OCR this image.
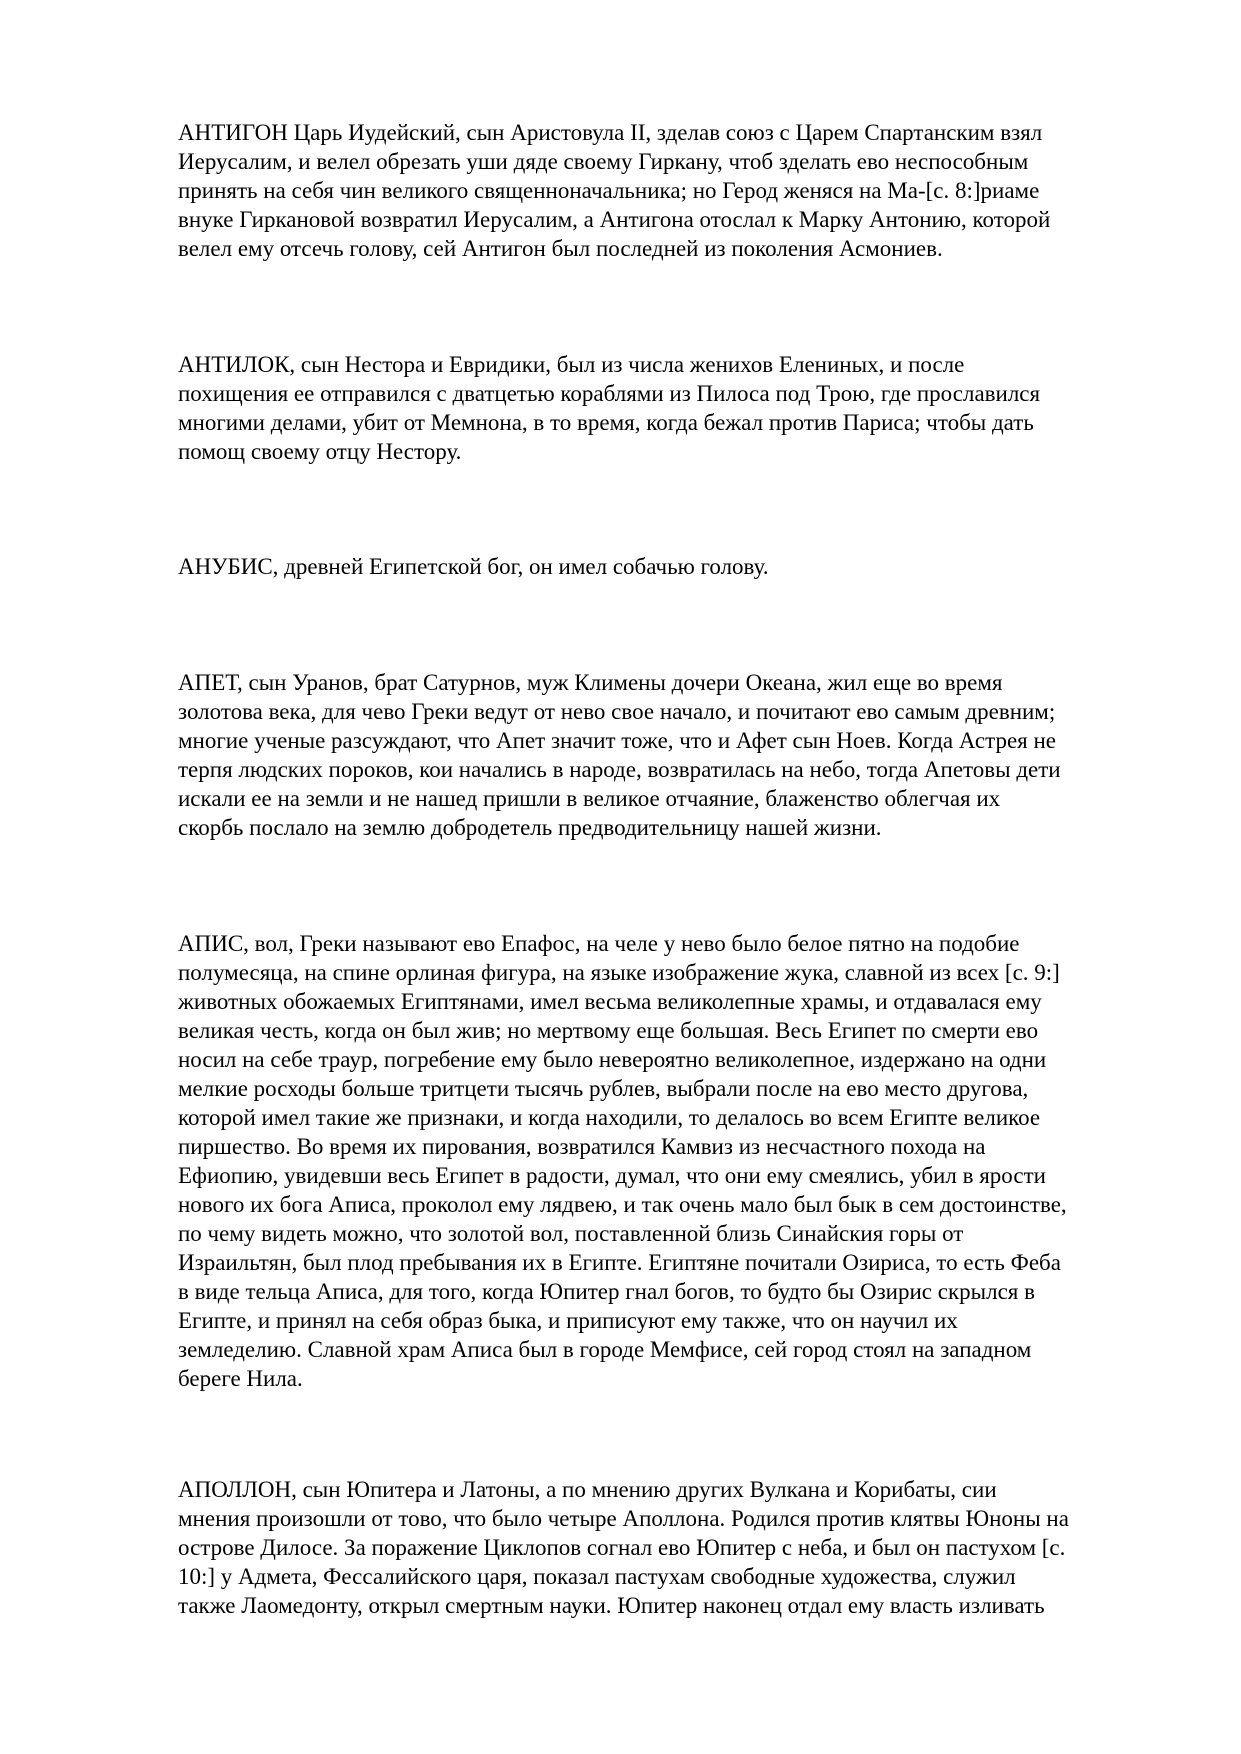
АНТИГОН Царь Иудейский, сын Аристовула II, зделав союз с Царем Спартанским взял
Иерусалим, и велел обрезать уши дяде своему Гиркану, чтоб зделать ево неспособным
принять на себя чин великого священноначальника; но Герод женяся на Ма-[с. 8:]риаме
внуке Гиркановой возвратил Иерусалим, а Антигона отослал к Марку Антонию, которой
велел ему отсечь голову, сей Антигон был последней из поколения Асмониев.

АНТИЛОК, сын Нестора и Евридики, был из числа женихов Елениных, и после
похищения ее отправился с дватцетью кораблями из Пилоса под Трою, где прославился
многими делами, убит от Мемнона, в то время, когда бежал против Париса; чтобы дать
помощ своему отцу Нестору.

АНУБИС, древней Египетской бог, он имел собачью голову.

АПЕТ, сын Уранов, брат Сатурнов, муж Климены дочери Океана, жил еще во время
золотова века, для чево Греки ведут от нево свое начало, и почитают ево самым древним;
многие ученые разсуждают, что Апет значит тоже, что и Афет сын Ноев. Когда Астрея не
терпя людских пороков, кои начались в народе, возвратилась на небо, тогда Апетовы дети
искали ее на земли и не нашед пришли в великое отчаяние, блаженство облегчая их
скорбь послало на землю добродетель предводительницу нашей жизни.

АПИС, вол, Греки называют ево Епафос, на челе у нево было белое пятно на подобие
полумесяца, на спине орлиная фигура, на языке изображение жука, славной из всех [с. 9:]
животных обожаемых Египтянами, имел весьма великолепные храмы, и отдавалася ему
великая честь, когда он был жив; но мертвому еще большая. Весь Египет по смерти ево
носил на себе траур, погребение ему было невероятно великолепное, издержано на одни
мелкие росходы больше тритцети тысячь рублев, выбрали после на ево место другова,
которой имел такие же признаки, и когда находили, то делалось во всем Египте великое
пиршество. Во время их пирования, возвратился Камвиз из несчастного похода на
Ефиопию, увидевши весь Египет в радости, думал, что они ему смеялись, убил в ярости
нового их бога Аписа, проколол ему лядвею, и так очень мало был бык в сем достоинстве,
по чему видеть можно, что золотой вол, поставленной близь Синайския горы от
Израильтян, был плод пребывания их в Египте. Египтяне почитали Озириса, то есть Феба
в виде тельца Аписа, для того, когда Юпитер гнал богов, то будто бы Озирис скрылся в
Египте, и принял на себя образ быка, и приписуют ему также, что он научил их
земледелию. Славной храм Аписа был в городе Мемфисе, сей город стоял на западном
береге Нила.

АПОЛЛОН, сын Юпитера и Латоны, а по мнению других Вулкана и Корибаты, сии
мнения произошли от тово, что было четыре Аполлона. Родился против клятвы Юноны на
острове Дилосе. За поражение Циклопов согнал ево Юпитер с неба, и был он пастухом [с.
10:] у Адмета, Фессалийского царя, показал пастухам свободные художества, служил
также Лаомедонту, открыл смертным науки. Юпитер наконец отдал ему власть изливать
